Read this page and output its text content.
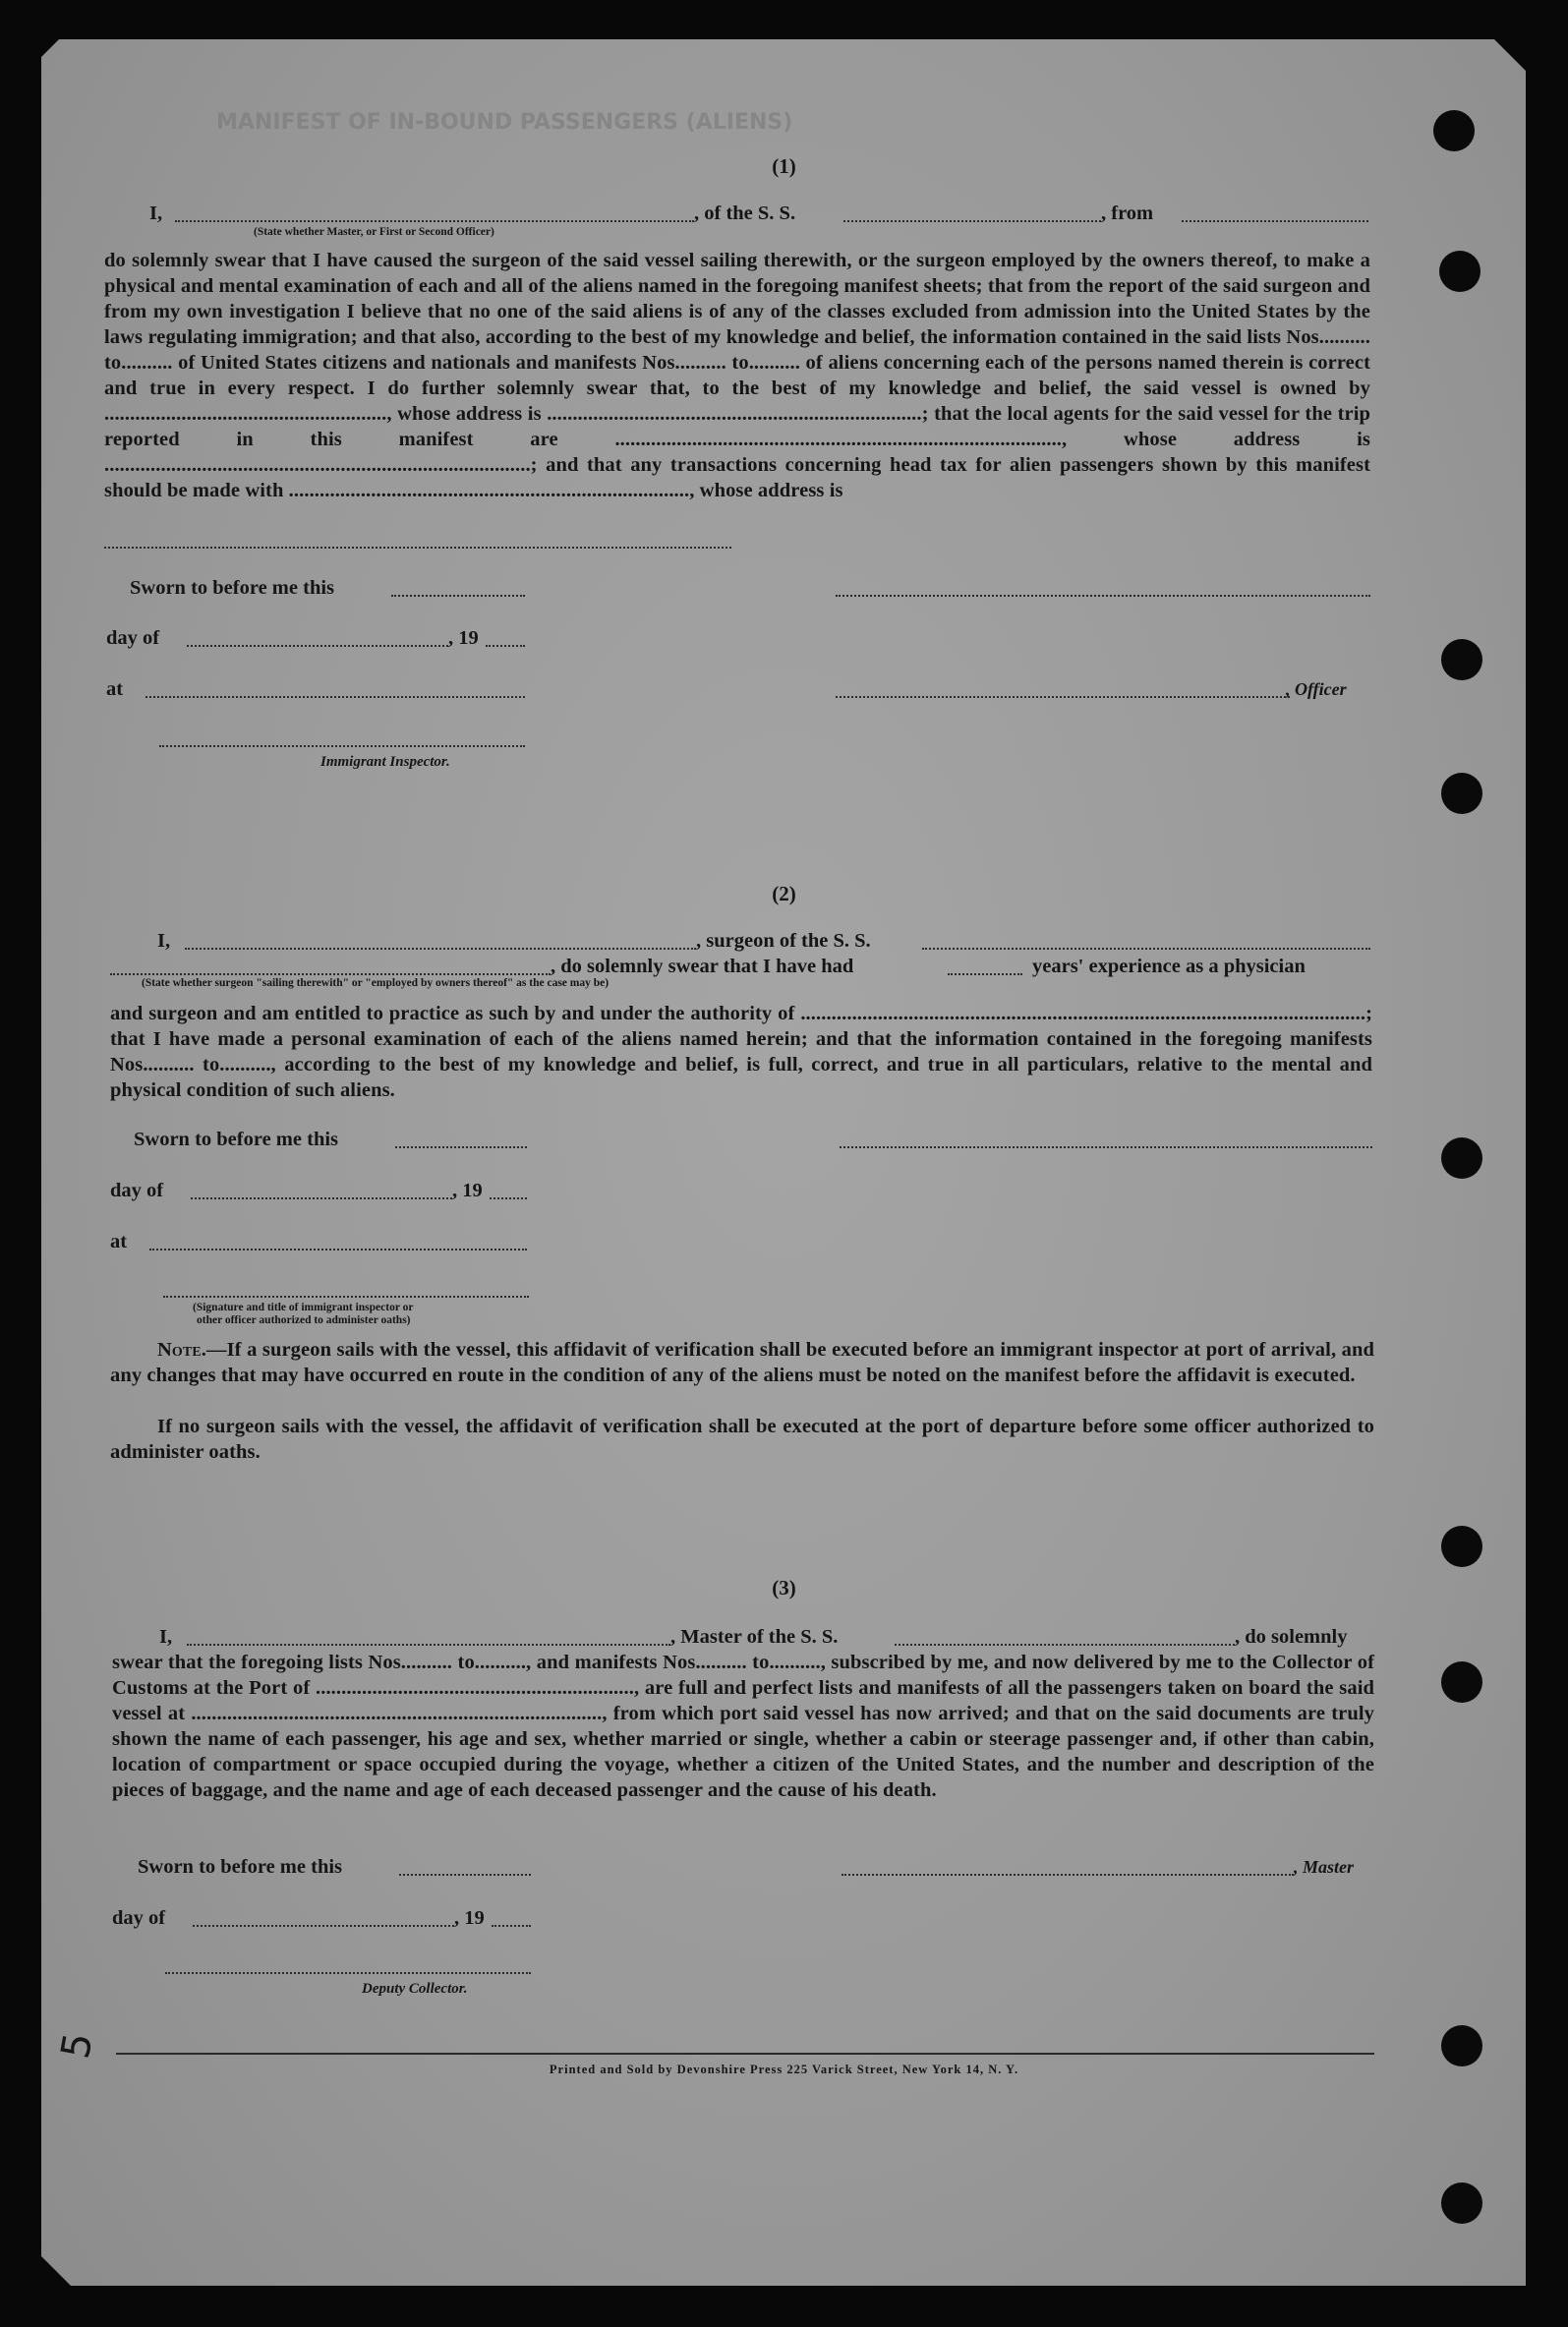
MANIFEST OF IN-BOUND PASSENGERS (ALIENS)
(1)
I,	, of the S. S.	, from
(State whether Master, or First or Second Officer)
do solemnly swear that I have caused the surgeon of the said vessel sailing therewith, or the surgeon employed by the owners thereof, to make a physical and mental examination of each and all of the aliens named in the foregoing manifest sheets; that from the report of the said surgeon and from my own investigation I believe that no one of the said aliens is of any of the classes excluded from admission into the United States by the laws regulating immigration; and that also, according to the best of my knowledge and belief, the information contained in the said lists Nos.......... to.......... of United States citizens and nationals and manifests Nos.......... to.......... of aliens concerning each of the persons named therein is correct and true in every respect. I do further solemnly swear that, to the best of my knowledge and belief, the said vessel is owned by ......................................................., whose address is .........................................................................; that the local agents for the said vessel for the trip reported in this manifest are ......................................................................................., whose address is ...................................................................................; and that any transactions concerning head tax for alien passengers shown by this manifest should be made with .............................................................................., whose address is
Sworn to before me this
day of	, 19
at	, Officer
Immigrant Inspector.
(2)
I,	, surgeon of the S. S.
, do solemnly swear that I have had	years' experience as a physician
(State whether surgeon "sailing therewith" or "employed by owners thereof" as the case may be)
and surgeon and am entitled to practice as such by and under the authority of ..............................................................................................................; that I have made a personal examination of each of the aliens named herein; and that the information contained in the foregoing manifests Nos.......... to.........., according to the best of my knowledge and belief, is full, correct, and true in all particulars, relative to the mental and physical condition of such aliens.
Sworn to before me this
day of	, 19
at
(Signature and title of immigrant inspector or
other officer authorized to administer oaths)
Note.—If a surgeon sails with the vessel, this affidavit of verification shall be executed before an immigrant inspector at port of arrival, and any changes that may have occurred en route in the condition of any of the aliens must be noted on the manifest before the affidavit is executed.
If no surgeon sails with the vessel, the affidavit of verification shall be executed at the port of departure before some officer authorized to administer oaths.
(3)
I,	, Master of the S. S.	, do solemnly
swear that the foregoing lists Nos.......... to.........., and manifests Nos.......... to.........., subscribed by me, and now delivered by me to the Collector of Customs at the Port of .............................................................., are full and perfect lists and manifests of all the passengers taken on board the said vessel at ................................................................................, from which port said vessel has now arrived; and that on the said documents are truly shown the name of each passenger, his age and sex, whether married or single, whether a cabin or steerage passenger and, if other than cabin, location of compartment or space occupied during the voyage, whether a citizen of the United States, and the number and description of the pieces of baggage, and the name and age of each deceased passenger and the cause of his death.
Sworn to before me this	, Master
day of	, 19
Deputy Collector.
Printed and Sold by Devonshire Press 225 Varick Street, New York 14, N. Y.
5
